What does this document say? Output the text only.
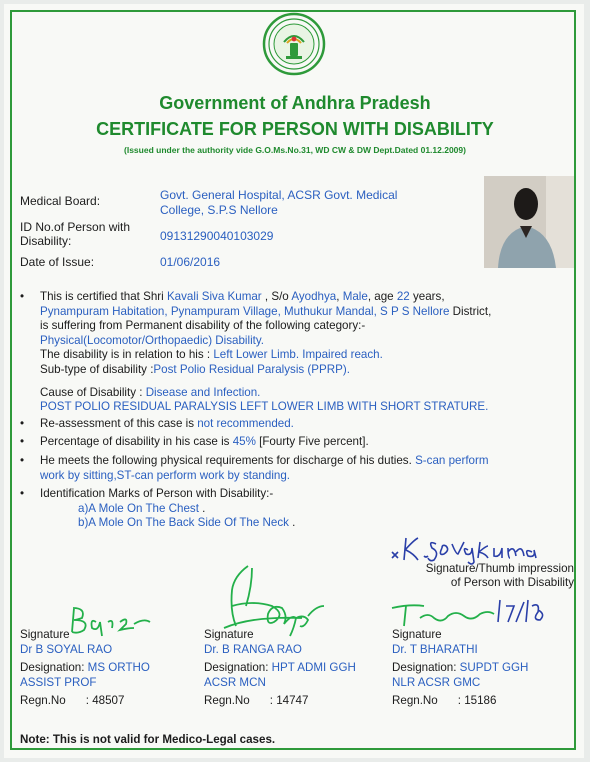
Government of Andhra Pradesh
CERTIFICATE FOR PERSON WITH DISABILITY
(Issued under the authority vide G.O.Ms.No.31, WD CW & DW Dept.Dated 01.12.2009)
Medical Board:	Govt. General Hospital, ACSR Govt. Medical
College, S.P.S Nellore
ID No.of Person with
Disability:	09131290040103029
Date of Issue:	01/06/2016
• This is certified that Shri Kavali Siva Kumar , S/o Ayodhya, Male, age 22 years,
Pynampuram Habitation, Pynampuram Village, Muthukur Mandal, S P S Nellore District,
is suffering from Permanent disability of the following category:-
Physical(Locomotor/Orthopaedic) Disability.
The disability is in relation to his : Left Lower Limb. Impaired reach.
Sub-type of disability :Post Polio Residual Paralysis (PPRP).
Cause of Disability : Disease and Infection.
POST POLIO RESIDUAL PARALYSIS LEFT LOWER LIMB WITH SHORT STRATURE.
• Re-assessment of this case is not recommended.
• Percentage of disability in his case is 45% [Fourty Five percent].
• He meets the following physical requirements for discharge of his duties. S-can perform
work by sitting,ST-can perform work by standing.
• Identification Marks of Person with Disability:-
a)A Mole On The Chest .
b)A Mole On The Back Side Of The Neck .
Signature/Thumb impression
of Person with Disability
Signature
Dr B SOYAL RAO
Designation: MS ORTHO
ASSIST PROF
Regn.No : 48507
Signature
Dr. B RANGA RAO
Designation: HPT ADMI GGH
ACSR MCN
Regn.No : 14747
Signature
Dr. T BHARATHI
Designation: SUPDT GGH
NLR ACSR GMC
Regn.No : 15186
Note: This is not valid for Medico-Legal cases.
